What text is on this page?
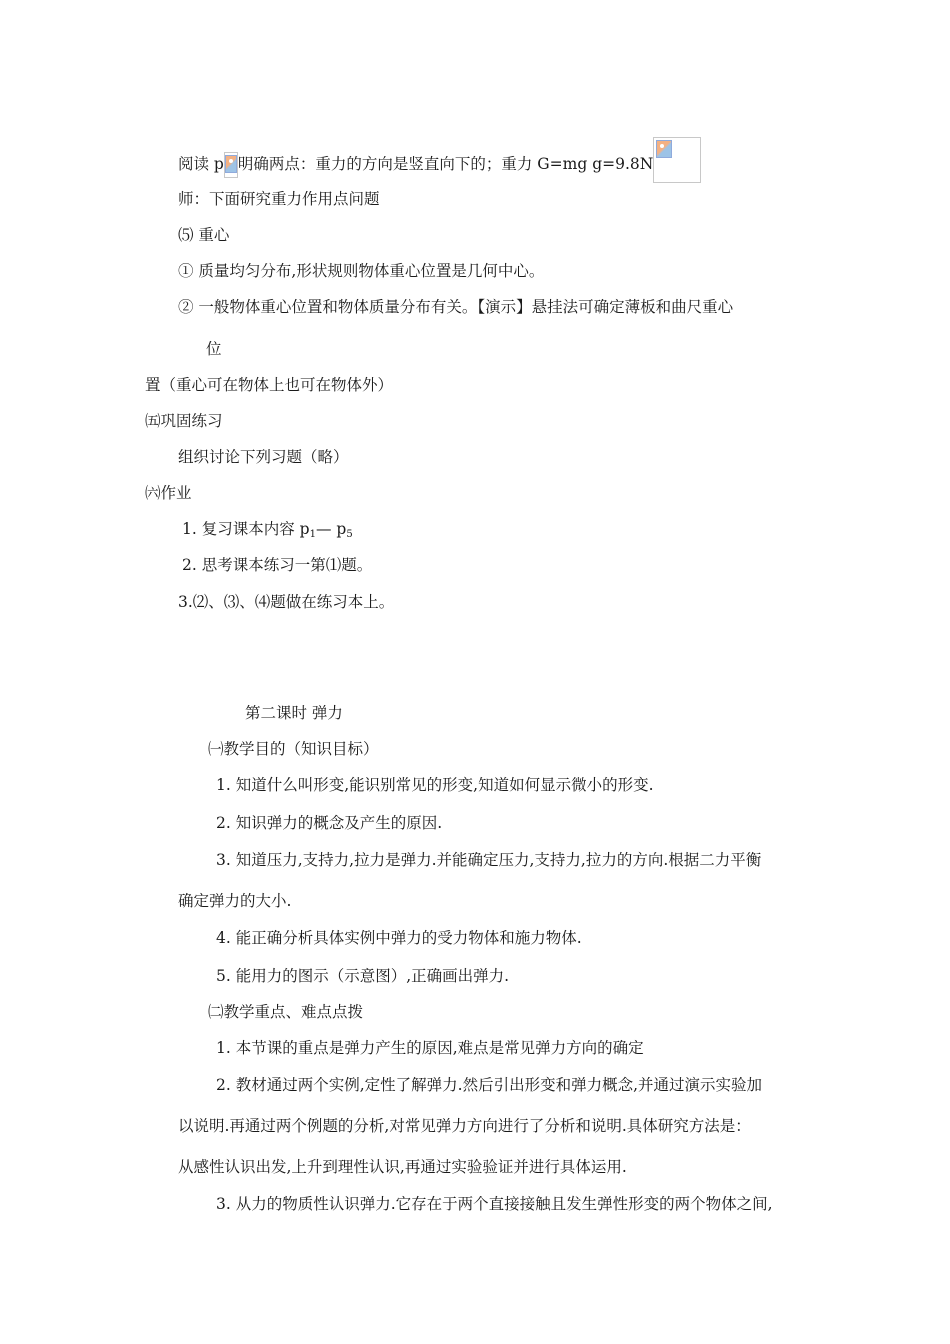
阅读 p 明确两点：重力的方向是竖直向下的；重力 G=mg g=9.8N
师：下面研究重力作用点问题
⑸ 重心
① 质量均匀分布,形状规则物体重心位置是几何中心。
② 一般物体重心位置和物体质量分布有关。【演示】悬挂法可确定薄板和曲尺重心
位
置（重心可在物体上也可在物体外）
㈤巩固练习
组织讨论下列习题（略）
㈥作业
1. 复习课本内容 $p_1—$ $p_5$
2. 思考课本练习一第⑴题。
3.⑵、⑶、⑷题做在练习本上。
第二课时 弹力
㈠教学目的（知识目标）
1. 知道什么叫形变,能识别常见的形变,知道如何显示微小的形变.
2. 知识弹力的概念及产生的原因.
3. 知道压力,支持力,拉力是弹力.并能确定压力,支持力,拉力的方向.根据二力平衡
确定弹力的大小.
4. 能正确分析具体实例中弹力的受力物体和施力物体.
5. 能用力的图示（示意图）,正确画出弹力.
㈡教学重点、难点点拨
1. 本节课的重点是弹力产生的原因,难点是常见弹力方向的确定
2. 教材通过两个实例,定性了解弹力.然后引出形变和弹力概念,并通过演示实验加
以说明.再通过两个例题的分析,对常见弹力方向进行了分析和说明.具体研究方法是：
从感性认识出发,上升到理性认识,再通过实验验证并进行具体运用.
3. 从力的物质性认识弹力.它存在于两个直接接触且发生弹性形变的两个物体之间,
